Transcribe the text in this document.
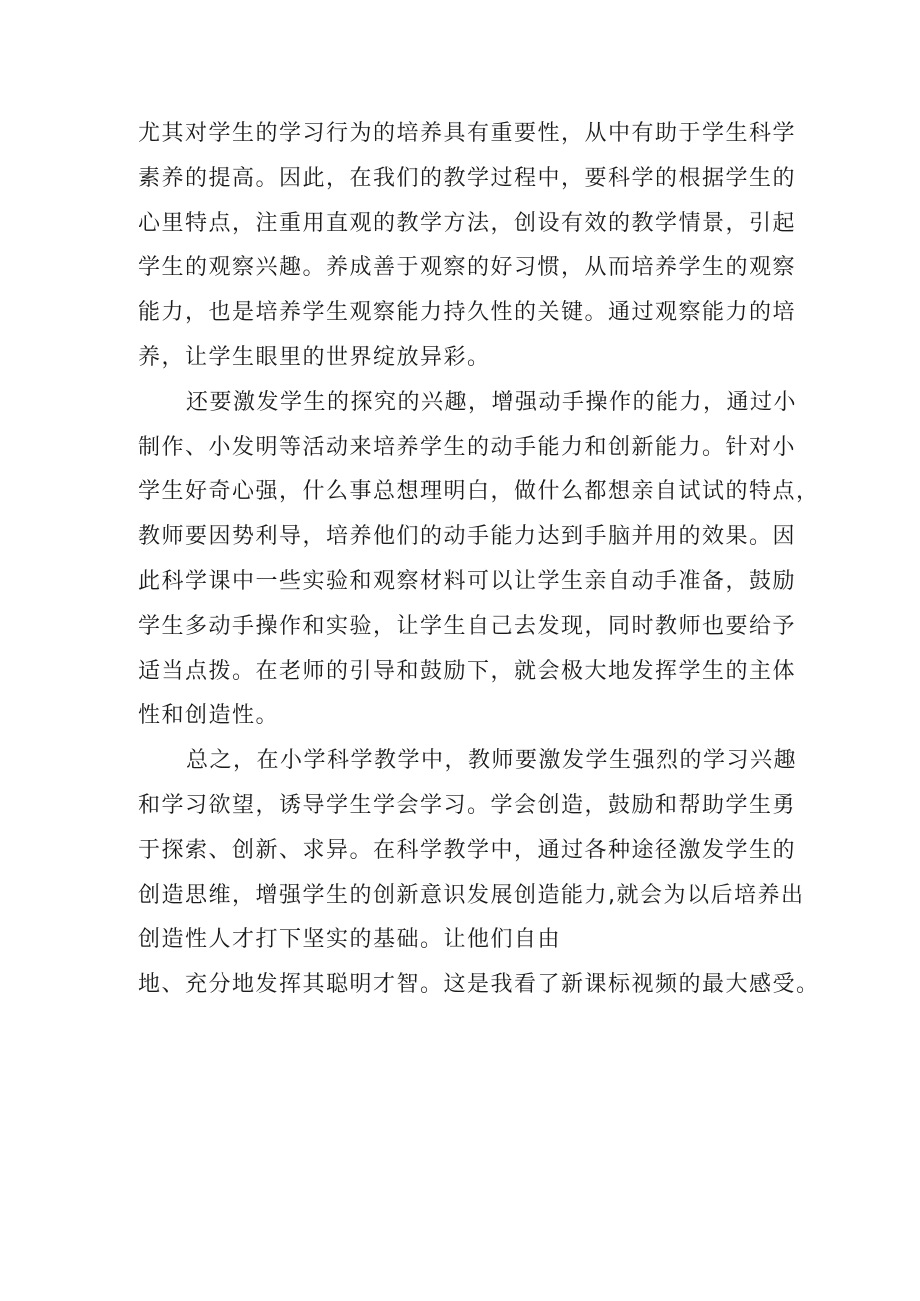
尤其对学生的学习行为的培养具有重要性，从中有助于学生科学
素养的提高。因此，在我们的教学过程中，要科学的根据学生的
心里特点，注重用直观的教学方法，创设有效的教学情景，引起
学生的观察兴趣。养成善于观察的好习惯，从而培养学生的观察
能力，也是培养学生观察能力持久性的关键。通过观察能力的培
养，让学生眼里的世界绽放异彩。
还要激发学生的探究的兴趣，增强动手操作的能力，通过小
制作、小发明等活动来培养学生的动手能力和创新能力。针对小
学生好奇心强，什么事总想理明白，做什么都想亲自试试的特点，
教师要因势利导，培养他们的动手能力达到手脑并用的效果。因
此科学课中一些实验和观察材料可以让学生亲自动手准备，鼓励
学生多动手操作和实验，让学生自己去发现，同时教师也要给予
适当点拨。在老师的引导和鼓励下，就会极大地发挥学生的主体
性和创造性。
总之，在小学科学教学中，教师要激发学生强烈的学习兴趣
和学习欲望，诱导学生学会学习。学会创造，鼓励和帮助学生勇
于探索、创新、求异。在科学教学中，通过各种途径激发学生的
创造思维，增强学生的创新意识发展创造能力,就会为以后培养出
创造性人才打下坚实的基础。让他们自由
地、充分地发挥其聪明才智。这是我看了新课标视频的最大感受。
